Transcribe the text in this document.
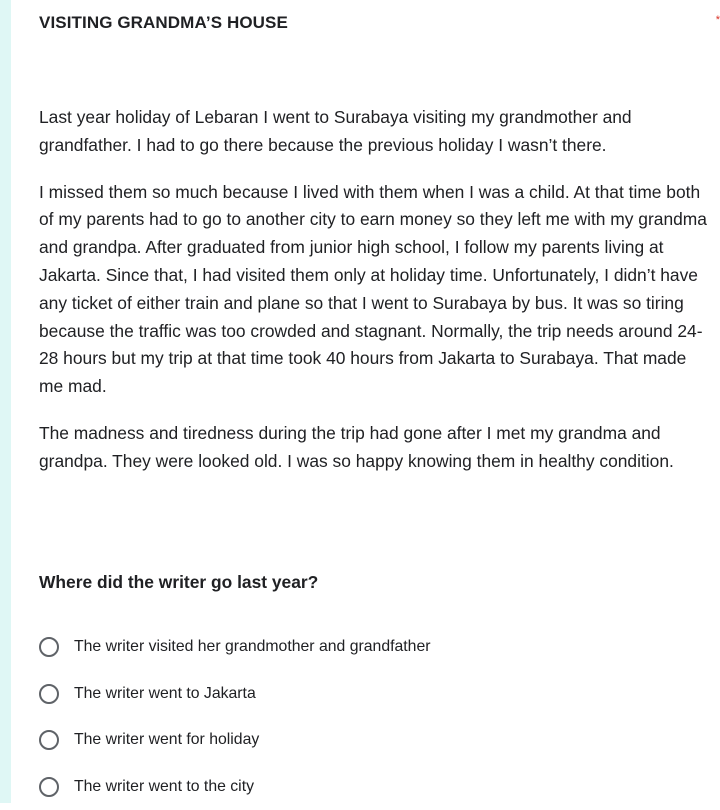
VISITING GRANDMA’S HOUSE	*

Last year holiday of Lebaran I went to Surabaya visiting my grandmother and grandfather. I had to go there because the previous holiday I wasn’t there.

I missed them so much because I lived with them when I was a child. At that time both of my parents had to go to another city to earn money so they left me with my grandma and grandpa. After graduated from junior high school, I follow my parents living at Jakarta. Since that, I had visited them only at holiday time. Unfortunately, I didn’t have any ticket of either train and plane so that I went to Surabaya by bus. It was so tiring because the traffic was too crowded and stagnant. Normally, the trip needs around 24-28 hours but my trip at that time took 40 hours from Jakarta to Surabaya. That made me mad.

The madness and tiredness during the trip had gone after I met my grandma and grandpa. They were looked old. I was so happy knowing them in healthy condition.

Where did the writer go last year?
The writer visited her grandmother and grandfather
The writer went to Jakarta
The writer went for holiday
The writer went to the city
